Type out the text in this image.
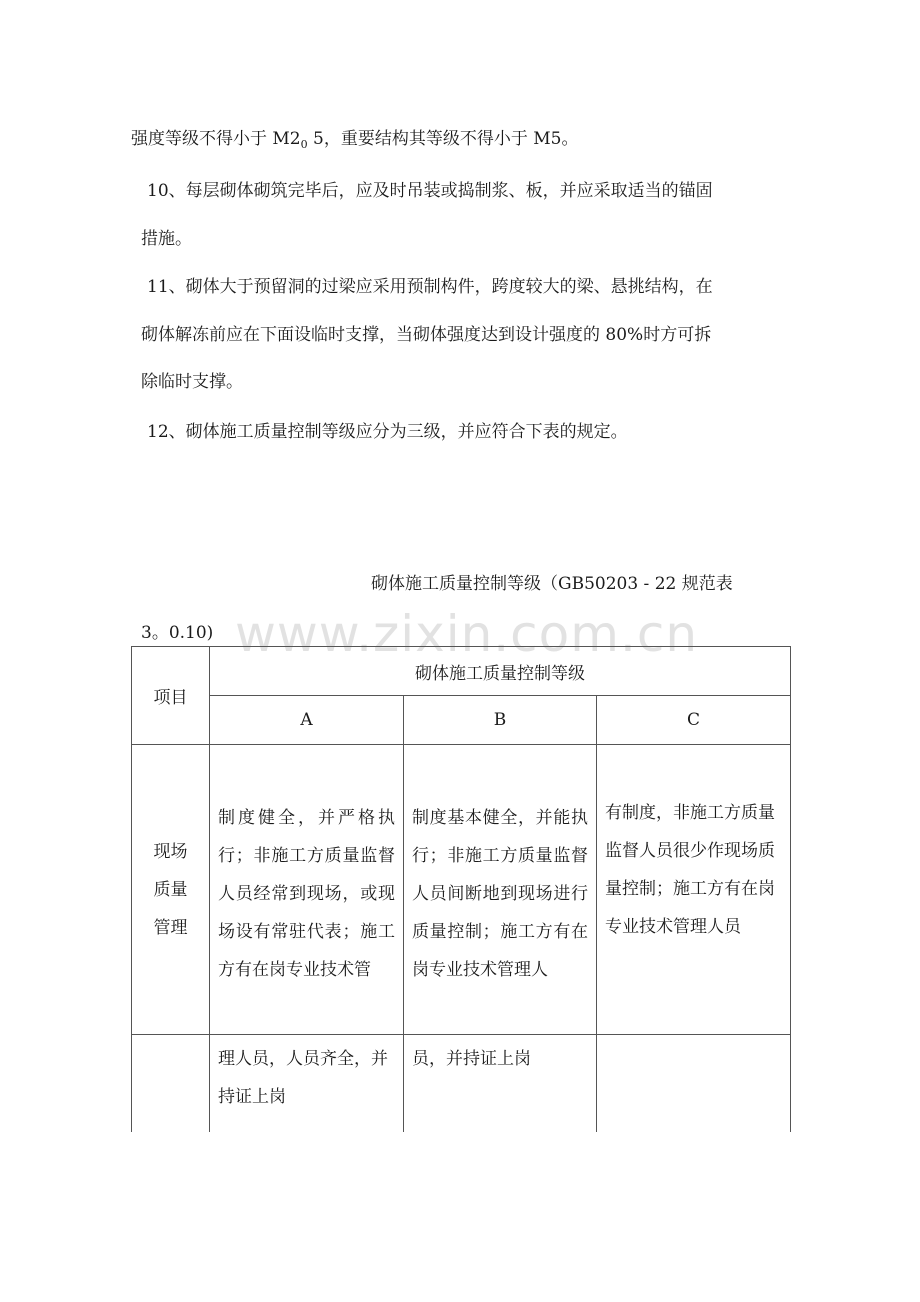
www.zixin.com.cn
强度等级不得小于 $M2_0$ 5，重要结构其等级不得小于 M5。
10、每层砌体砌筑完毕后，应及时吊装或捣制浆、板，并应采取适当的锚固
措施。
11、砌体大于预留洞的过梁应采用预制构件，跨度较大的梁、悬挑结构，在
砌体解冻前应在下面设临时支撑，当砌体强度达到设计强度的 80%时方可拆
除临时支撑。
12、砌体施工质量控制等级应分为三级，并应符合下表的规定。
砌体施工质量控制等级（GB50203 - 22 规范表
3。0.10)
项目	砌体施工质量控制等级		
	A	B	C

现场质量管理	制度健全，并严格执行；非施工方质量监督人员经常到现场，或现场设有常驻代表；施工方有在岗专业技术管	制度基本健全，并能执行；非施工方质量监督人员间断地到现场进行质量控制；施工方有在岗专业技术管理人	有制度，非施工方质量监督人员很少作现场质量控制；施工方有在岗专业技术管理人员

	理人员，人员齐全，并持证上岗	员，并持证上岗	
